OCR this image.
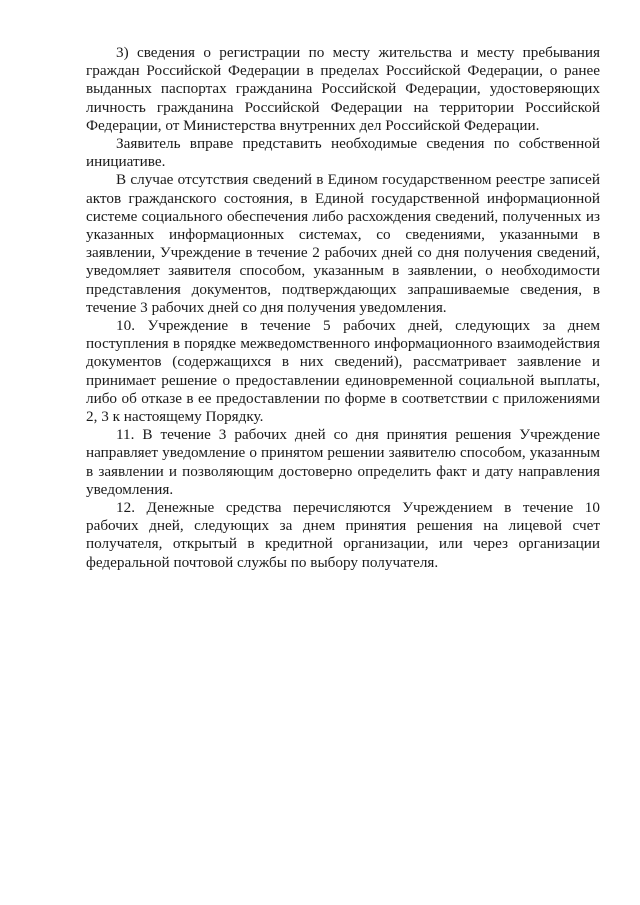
3) сведения о регистрации по месту жительства и месту пребывания граждан Российской Федерации в пределах Российской Федерации, о ранее выданных паспортах гражданина Российской Федерации, удостоверяющих личность гражданина Российской Федерации на территории Российской Федерации, от Министерства внутренних дел Российской Федерации.

Заявитель вправе представить необходимые сведения по собственной инициативе.

В случае отсутствия сведений в Едином государственном реестре записей актов гражданского состояния, в Единой государственной информационной системе социального обеспечения либо расхождения сведений, полученных из указанных информационных системах, со сведениями, указанными в заявлении, Учреждение в течение 2 рабочих дней со дня получения сведений, уведомляет заявителя способом, указанным в заявлении, о необходимости представления документов, подтверждающих запрашиваемые сведения, в течение 3 рабочих дней со дня получения уведомления.

10. Учреждение в течение 5 рабочих дней, следующих за днем поступления в порядке межведомственного информационного взаимодействия документов (содержащихся в них сведений), рассматривает заявление и принимает решение о предоставлении единовременной социальной выплаты, либо об отказе в ее предоставлении по форме в соответствии с приложениями 2, 3 к настоящему Порядку.

11. В течение 3 рабочих дней со дня принятия решения Учреждение направляет уведомление о принятом решении заявителю способом, указанным в заявлении и позволяющим достоверно определить факт и дату направления уведомления.

12. Денежные средства перечисляются Учреждением в течение 10 рабочих дней, следующих за днем принятия решения на лицевой счет получателя, открытый в кредитной организации, или через организации федеральной почтовой службы по выбору получателя.
